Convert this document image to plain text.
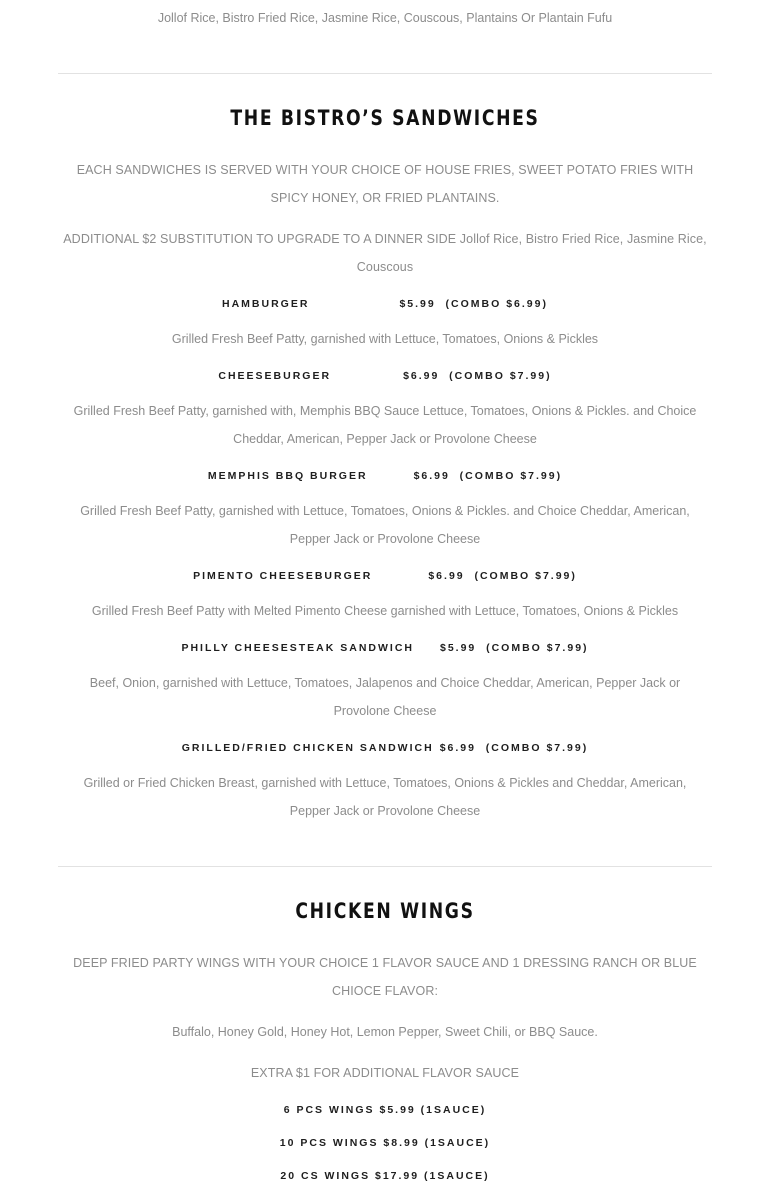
Jollof Rice, Bistro Fried Rice, Jasmine Rice, Couscous, Plantains Or Plantain Fufu

THE BISTRO’S SANDWICHES

EACH SANDWICHES IS SERVED WITH YOUR CHOICE OF HOUSE FRIES, SWEET POTATO FRIES WITH SPICY HONEY, OR FRIED PLANTAINS.

ADDITIONAL $2 SUBSTITUTION TO UPGRADE TO A DINNER SIDE Jollof Rice, Bistro Fried Rice, Jasmine Rice, Couscous

HAMBURGER	$5.99  (COMBO $6.99)

Grilled Fresh Beef Patty, garnished with Lettuce, Tomatoes, Onions & Pickles

CHEESEBURGER	$6.99  (COMBO $7.99)

Grilled Fresh Beef Patty, garnished with, Memphis BBQ Sauce Lettuce, Tomatoes, Onions & Pickles. and Choice Cheddar, American, Pepper Jack or Provolone Cheese

MEMPHIS BBQ BURGER	$6.99  (COMBO $7.99)

Grilled Fresh Beef Patty, garnished with Lettuce, Tomatoes, Onions & Pickles. and Choice Cheddar, American, Pepper Jack or Provolone Cheese

PIMENTO CHEESEBURGER	$6.99  (COMBO $7.99)

Grilled Fresh Beef Patty with Melted Pimento Cheese garnished with Lettuce, Tomatoes, Onions & Pickles

PHILLY CHEESESTEAK SANDWICH $5.99  (COMBO $7.99)

Beef, Onion, garnished with Lettuce, Tomatoes, Jalapenos and Choice Cheddar, American, Pepper Jack or Provolone Cheese

GRILLED/FRIED CHICKEN SANDWICH $6.99  (COMBO $7.99)

Grilled or Fried Chicken Breast, garnished with Lettuce, Tomatoes, Onions & Pickles and Cheddar, American, Pepper Jack or Provolone Cheese

CHICKEN WINGS

DEEP FRIED PARTY WINGS WITH YOUR CHOICE 1 FLAVOR SAUCE AND 1 DRESSING RANCH OR BLUE CHIOCE FLAVOR:

Buffalo, Honey Gold, Honey Hot, Lemon Pepper, Sweet Chili, or BBQ Sauce.

EXTRA $1 FOR ADDITIONAL FLAVOR SAUCE

6 PCS WINGS $5.99 (1SAUCE)

10 PCS WINGS $8.99 (1SAUCE)

20 CS WINGS $17.99 (1SAUCE)
